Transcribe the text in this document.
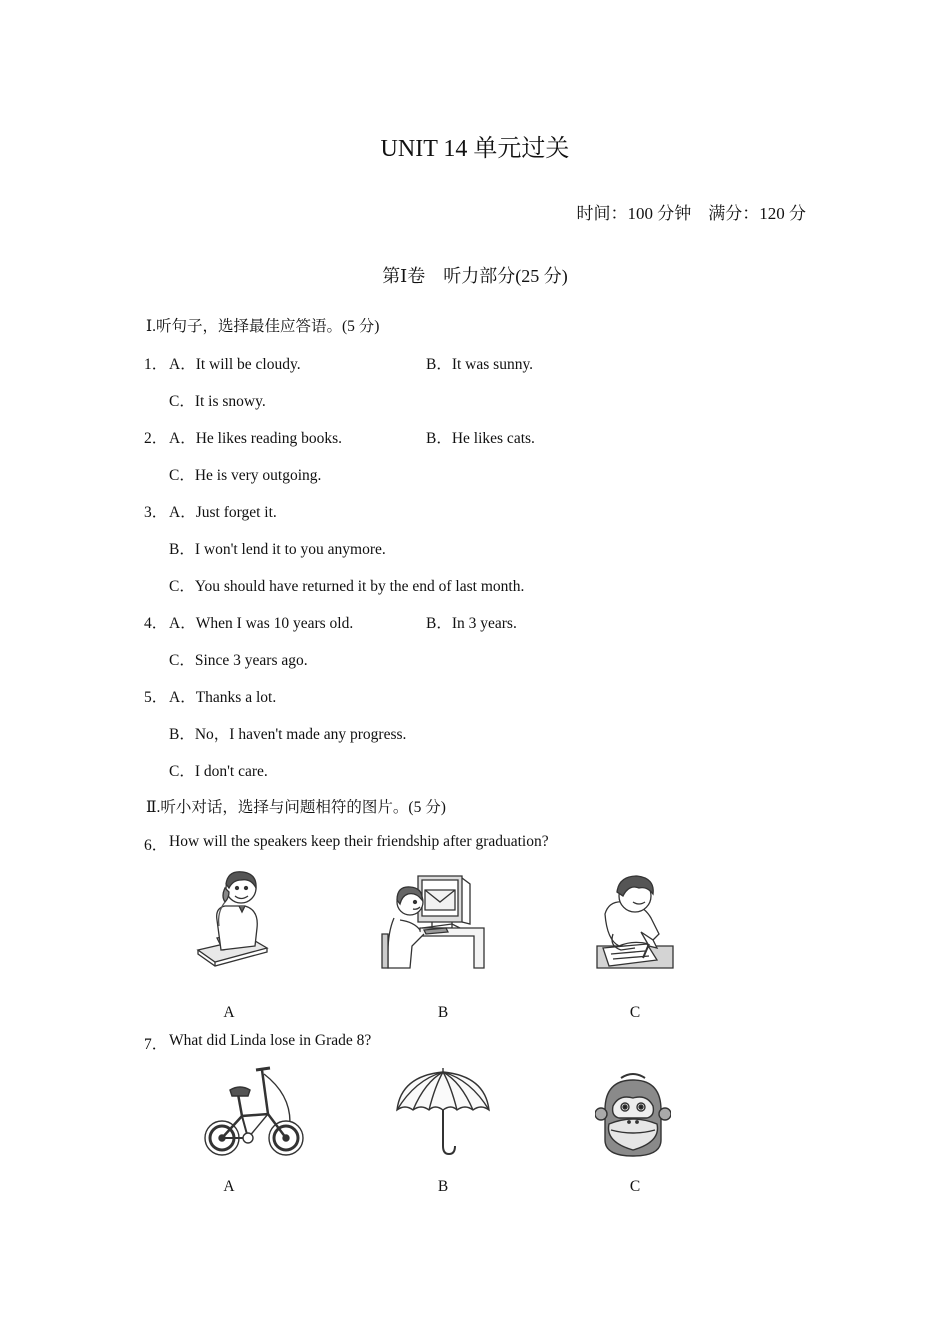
UNIT 14 单元过关
时间：100 分钟　满分：120 分
第Ⅰ卷　听力部分(25 分)
Ⅰ.听句子，选择最佳应答语。(5 分)
1． A．It will be cloudy.	B．It was sunny.
C．It is snowy.
2． A．He likes reading books.	B．He likes cats.
C．He is very outgoing.
3． A．Just forget it.
B．I won't lend it to you anymore.
C．You should have returned it by the end of last month.
4． A．When I was 10 years old.	B．In 3 years.
C．Since 3 years ago.
5． A．Thanks a lot.
B．No，I haven't made any progress.
C．I don't care.
Ⅱ.听小对话，选择与问题相符的图片。(5 分)
6． How will the speakers keep their friendship after graduation?
A	B	C
7． What did Linda lose in Grade 8?
A	B	C
